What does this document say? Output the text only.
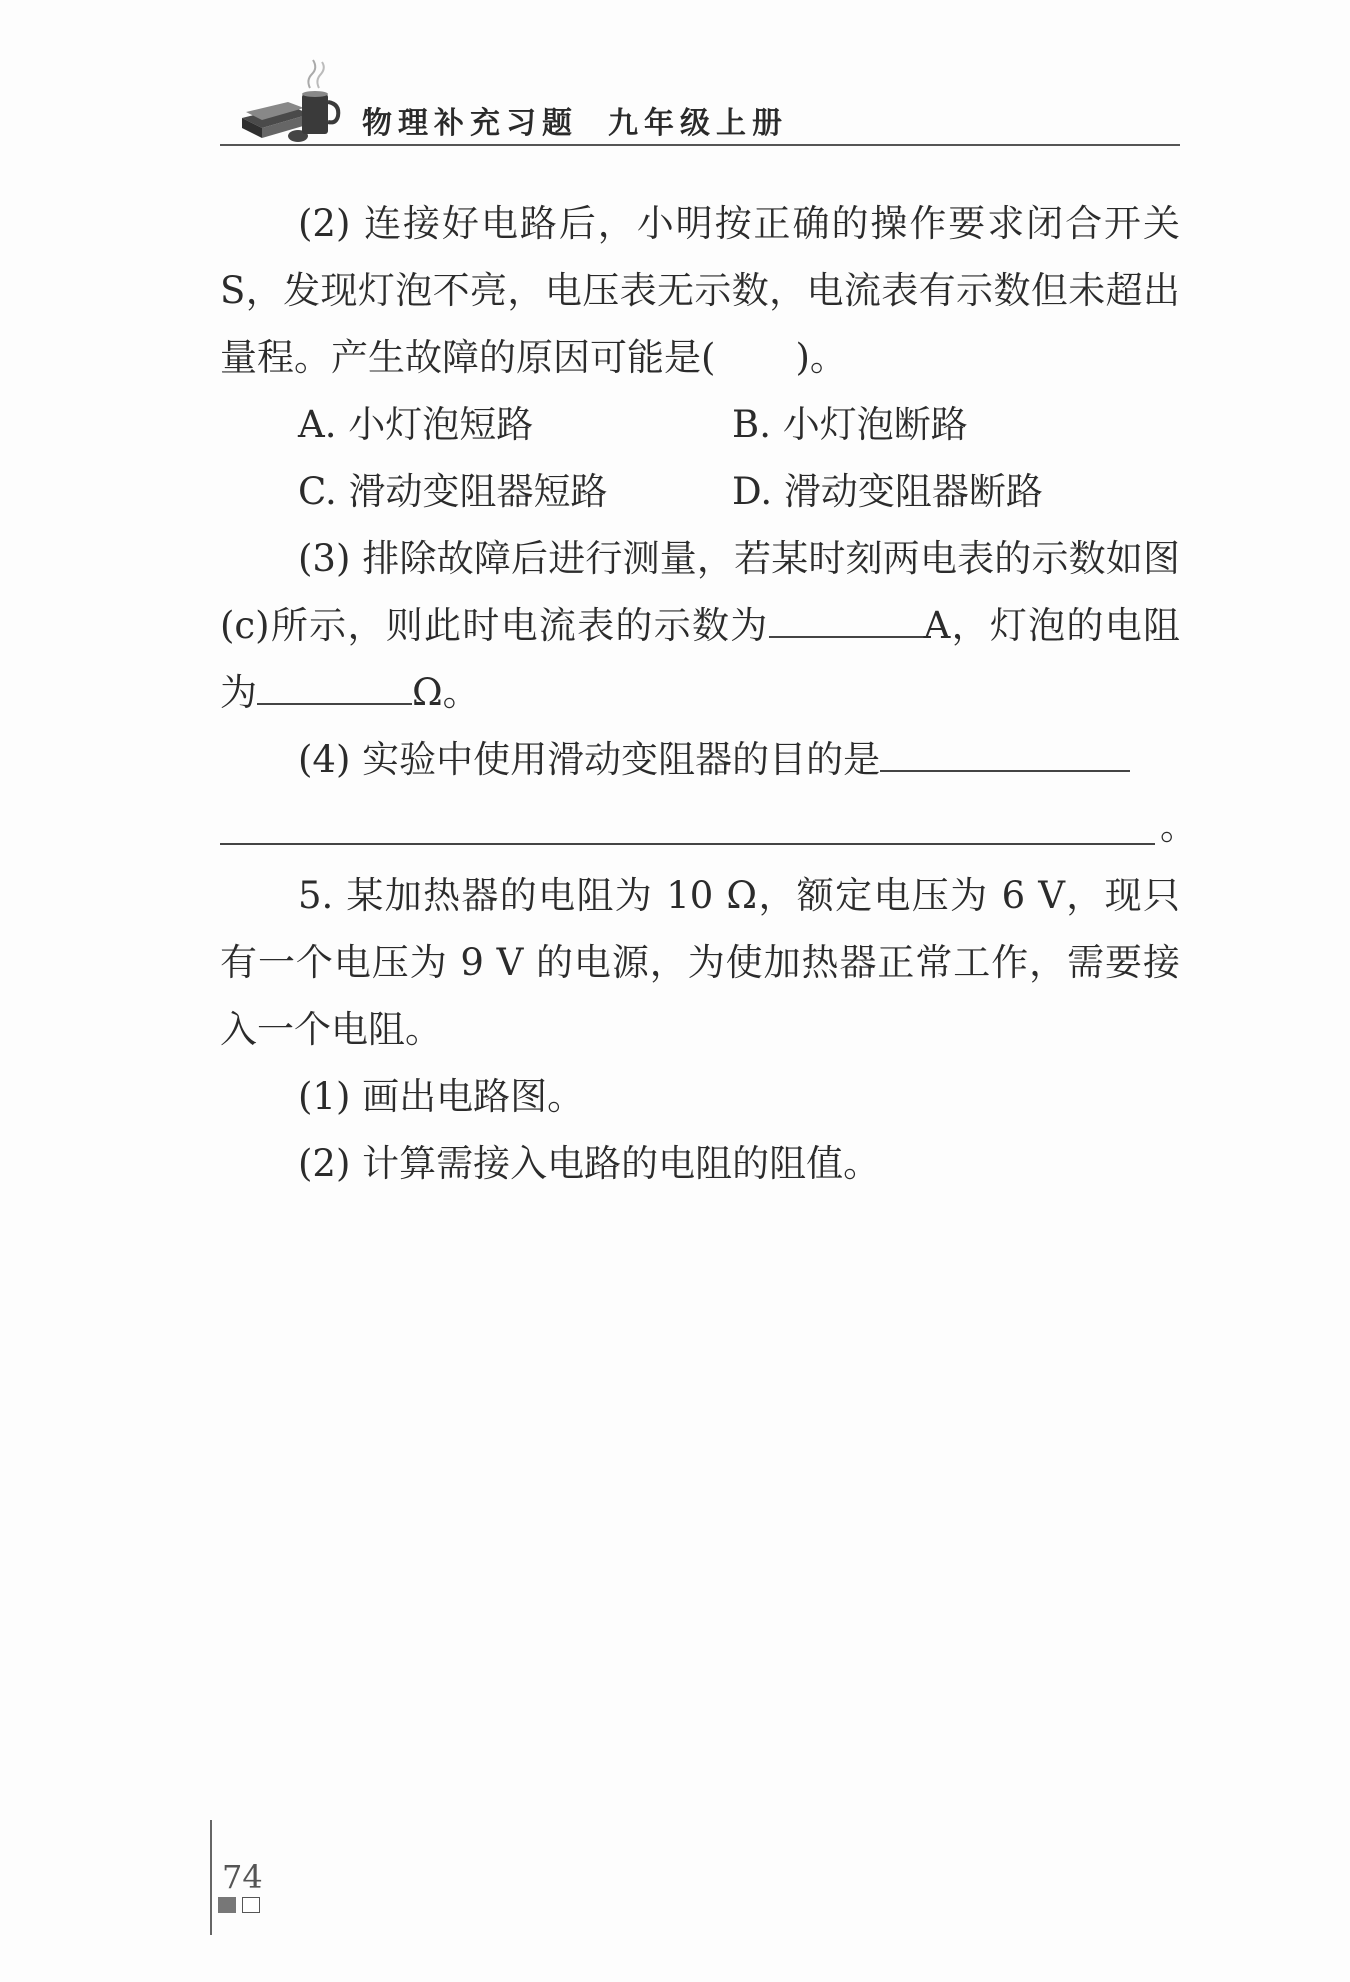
物理补充习题 九年级上册

(2) 连接好电路后，小明按正确的操作要求闭合开关S，发现灯泡不亮，电压表无示数，电流表有示数但未超出量程。产生故障的原因可能是( )。

A. 小灯泡短路	B. 小灯泡断路
C. 滑动变阻器短路	D. 滑动变阻器断路

(3) 排除故障后进行测量，若某时刻两电表的示数如图(c)所示，则此时电流表的示数为	A，灯泡的电阻为	Ω。

(4) 实验中使用滑动变阻器的目的是

。

5. 某加热器的电阻为 10 Ω，额定电压为 6 V，现只有一个电压为 9 V 的电源，为使加热器正常工作，需要接入一个电阻。

(1) 画出电路图。

(2) 计算需接入电路的电阻的阻值。

74
